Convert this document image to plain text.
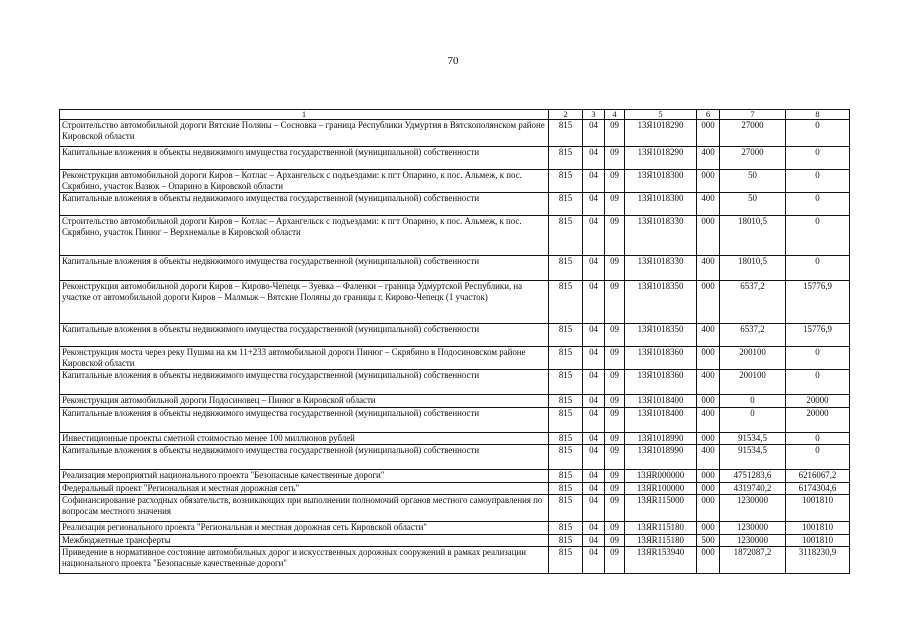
70
1	2	3	4	5	6	7	8
Строительство автомобильной дороги Вятские Поляны – Сосновка – граница Республики Удмуртия в Вятскополянском районе Кировской области	815	04	09	13Я1018290	000	27000	0
Капитальные вложения в объекты недвижимого имущества государственной (муниципальной) собственности	815	04	09	13Я1018290	400	27000	0
Реконструкция автомобильной дороги Киров – Котлас – Архангельск с подъездами: к пгт Опарино, к пос. Альмеж, к пос. Скрябино, участок Вазюк – Опарино в Кировской области	815	04	09	13Я1018300	000	50	0
Капитальные вложения в объекты недвижимого имущества государственной (муниципальной) собственности	815	04	09	13Я1018300	400	50	0
Строительство автомобильной дороги Киров – Котлас – Архангельск с подъездами: к пгт Опарино, к пос. Альмеж, к пос. Скрябино, участок Пинюг – Верхнемалье в Кировской области	815	04	09	13Я1018330	000	18010,5	0
Капитальные вложения в объекты недвижимого имущества государственной (муниципальной) собственности	815	04	09	13Я1018330	400	18010,5	0
Реконструкция автомобильной дороги Киров – Кирово-Чепецк – Зуевка – Фаленки – граница Удмуртской Республики, на участке от автомобильной дороги Киров – Малмыж – Вятские Поляны до границы г. Кирово-Чепецк (1 участок)	815	04	09	13Я1018350	000	6537,2	15776,9
Капитальные вложения в объекты недвижимого имущества государственной (муниципальной) собственности	815	04	09	13Я1018350	400	6537,2	15776,9
Реконструкция моста через реку Пушма на км 11+233 автомобильной дороги Пинюг – Скрябино в Подосиновском районе Кировской области	815	04	09	13Я1018360	000	200100	0
Капитальные вложения в объекты недвижимого имущества государственной (муниципальной) собственности	815	04	09	13Я1018360	400	200100	0
Реконструкция автомобильной дороги Подосиновец – Пинюг в Кировской области	815	04	09	13Я1018400	000	0	20000
Капитальные вложения в объекты недвижимого имущества государственной (муниципальной) собственности	815	04	09	13Я1018400	400	0	20000
Инвестиционные проекты сметной стоимостью менее 100 миллионов рублей	815	04	09	13Я1018990	000	91534,5	0
Капитальные вложения в объекты недвижимого имущества государственной (муниципальной) собственности	815	04	09	13Я1018990	400	91534,5	0
Реализация мероприятий национального проекта "Безопасные качественные дороги"	815	04	09	13ЯR000000	000	4751283,6	6216067,2
Федеральный проект "Региональная и местная дорожная сеть"	815	04	09	13ЯR100000	000	4319740,2	6174304,6
Софинансирование расходных обязательств, возникающих при выполнении полномочий органов местного самоуправления по вопросам местного значения	815	04	09	13ЯR115000	000	1230000	1001810
Реализация регионального проекта "Региональная и местная дорожная сеть Кировской области"	815	04	09	13ЯR115180	000	1230000	1001810
Межбюджетные трансферты	815	04	09	13ЯR115180	500	1230000	1001810
Приведение в нормативное состояние автомобильных дорог и искусственных дорожных сооружений в рамках реализации национального проекта "Безопасные качественные дороги"	815	04	09	13ЯR153940	000	1872087,2	3118230,9
